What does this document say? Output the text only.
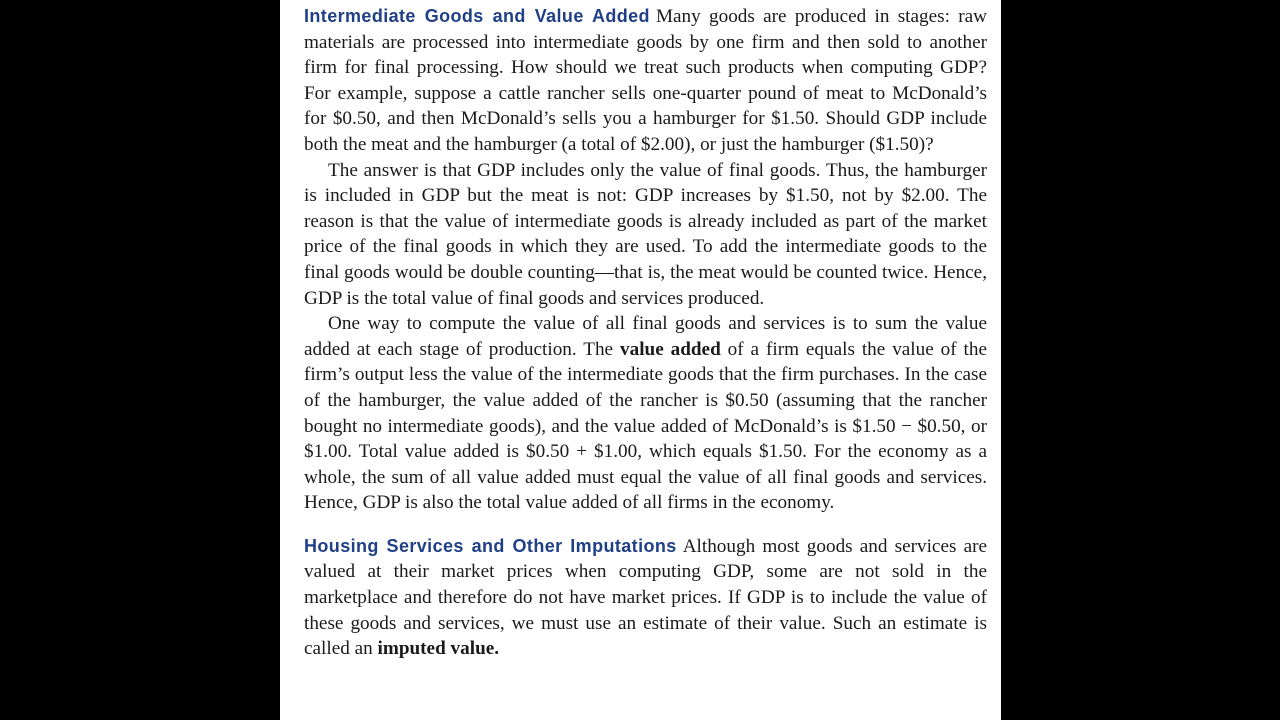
Intermediate Goods and Value Added Many goods are produced in stages: raw materials are processed into intermediate goods by one firm and then sold to another firm for final processing. How should we treat such products when computing GDP? For example, suppose a cattle rancher sells one-quarter pound of meat to McDonald’s for $0.50, and then McDonald’s sells you a hamburger for $1.50. Should GDP include both the meat and the hamburger (a total of $2.00), or just the hamburger ($1.50)?

The answer is that GDP includes only the value of final goods. Thus, the hamburger is included in GDP but the meat is not: GDP increases by $1.50, not by $2.00. The reason is that the value of intermediate goods is already included as part of the market price of the final goods in which they are used. To add the intermediate goods to the final goods would be double counting—that is, the meat would be counted twice. Hence, GDP is the total value of final goods and services produced.

One way to compute the value of all final goods and services is to sum the value added at each stage of production. The value added of a firm equals the value of the firm’s output less the value of the intermediate goods that the firm purchases. In the case of the hamburger, the value added of the rancher is $0.50 (assuming that the rancher bought no intermediate goods), and the value added of McDonald’s is $1.50 − $0.50, or $1.00. Total value added is $0.50 + $1.00, which equals $1.50. For the economy as a whole, the sum of all value added must equal the value of all final goods and services. Hence, GDP is also the total value added of all firms in the economy.

Housing Services and Other Imputations Although most goods and services are valued at their market prices when computing GDP, some are not sold in the marketplace and therefore do not have market prices. If GDP is to include the value of these goods and services, we must use an estimate of their value. Such an estimate is called an imputed value.
